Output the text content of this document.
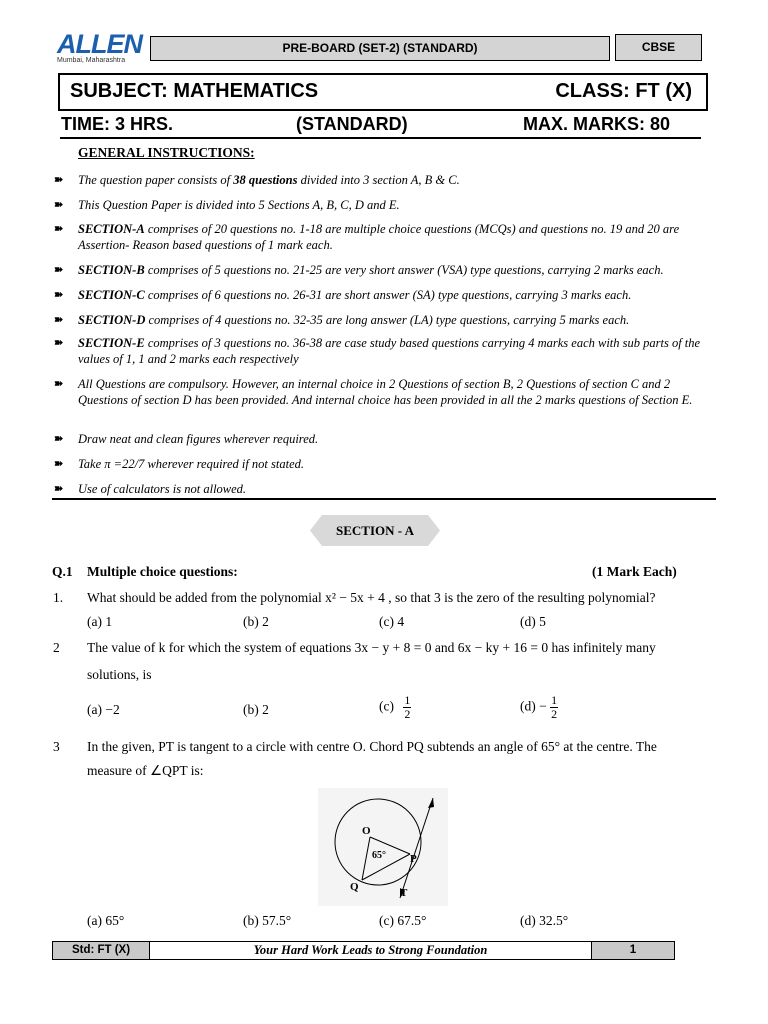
ALLEN
Mumbai, Maharashtra
PRE-BOARD (SET-2) (STANDARD)	CBSE
SUBJECT: MATHEMATICS	CLASS: FT (X)
TIME: 3 HRS.	(STANDARD)	MAX. MARKS: 80
GENERAL INSTRUCTIONS:
➽ The question paper consists of 38 questions divided into 3 section A, B & C.
➽ This Question Paper is divided into 5 Sections A, B, C, D and E.
➽ SECTION-A comprises of 20 questions no. 1-18 are multiple choice questions (MCQs) and questions no. 19 and 20 are Assertion- Reason based questions of 1 mark each.
➽ SECTION-B comprises of 5 questions no. 21-25 are very short answer (VSA) type questions, carrying 2 marks each.
➽ SECTION-C comprises of 6 questions no. 26-31 are short answer (SA) type questions, carrying 3 marks each.
➽ SECTION-D comprises of 4 questions no. 32-35 are long answer (LA) type questions, carrying 5 marks each.
➽ SECTION-E comprises of 3 questions no. 36-38 are case study based questions carrying 4 marks each with sub parts of the values of 1, 1 and 2 marks each respectively
➽ All Questions are compulsory. However, an internal choice in 2 Questions of section B, 2 Questions of section C and 2 Questions of section D has been provided. And internal choice has been provided in all the 2 marks questions of Section E.
➽ Draw neat and clean figures wherever required.
➽ Take π =22/7 wherever required if not stated.
➽ Use of calculators is not allowed.
SECTION - A
Q.1 Multiple choice questions:	(1 Mark Each)
1. What should be added from the polynomial x² − 5x + 4 , so that 3 is the zero of the resulting polynomial?
(a) 1	(b) 2	(c) 4	(d) 5
2 The value of k for which the system of equations 3x − y + 8 = 0 and 6x − ky + 16 = 0 has infinitely many
solutions, is
(a) −2	(b) 2	$(c) \frac{1}{2}$	$(d) - \frac{1}{2}$
3 In the given, PT is tangent to a circle with centre O. Chord PQ subtends an angle of 65° at the centre. The
measure of ∠QPT is:
O
P
Q	T
65°
(a) 65°	(b) 57.5°	(c) 67.5°	(d) 32.5°
Std: FT (X)	Your Hard Work Leads to Strong Foundation	1
